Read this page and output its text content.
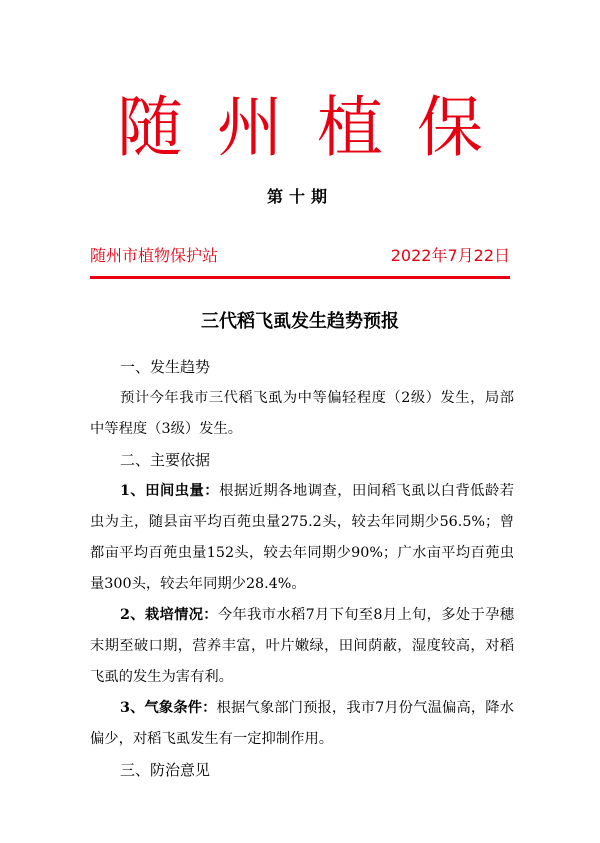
随州植保
第十期
随州市植物保护站	2022年7月22日
三代稻飞虱发生趋势预报

一、发生趋势

预计今年我市三代稻飞虱为中等偏轻程度（2级）发生，局部中等程度（3级）发生。

二、主要依据

1、田间虫量：根据近期各地调查，田间稻飞虱以白背低龄若虫为主，随县亩平均百蔸虫量275.2头，较去年同期少56.5%；曾都亩平均百蔸虫量152头，较去年同期少90%；广水亩平均百蔸虫量300头，较去年同期少28.4%。

2、栽培情况：今年我市水稻7月下旬至8月上旬，多处于孕穗末期至破口期，营养丰富，叶片嫩绿，田间荫蔽，湿度较高，对稻飞虱的发生为害有利。

3、气象条件：根据气象部门预报，我市7月份气温偏高，降水偏少，对稻飞虱发生有一定抑制作用。

三、防治意见
